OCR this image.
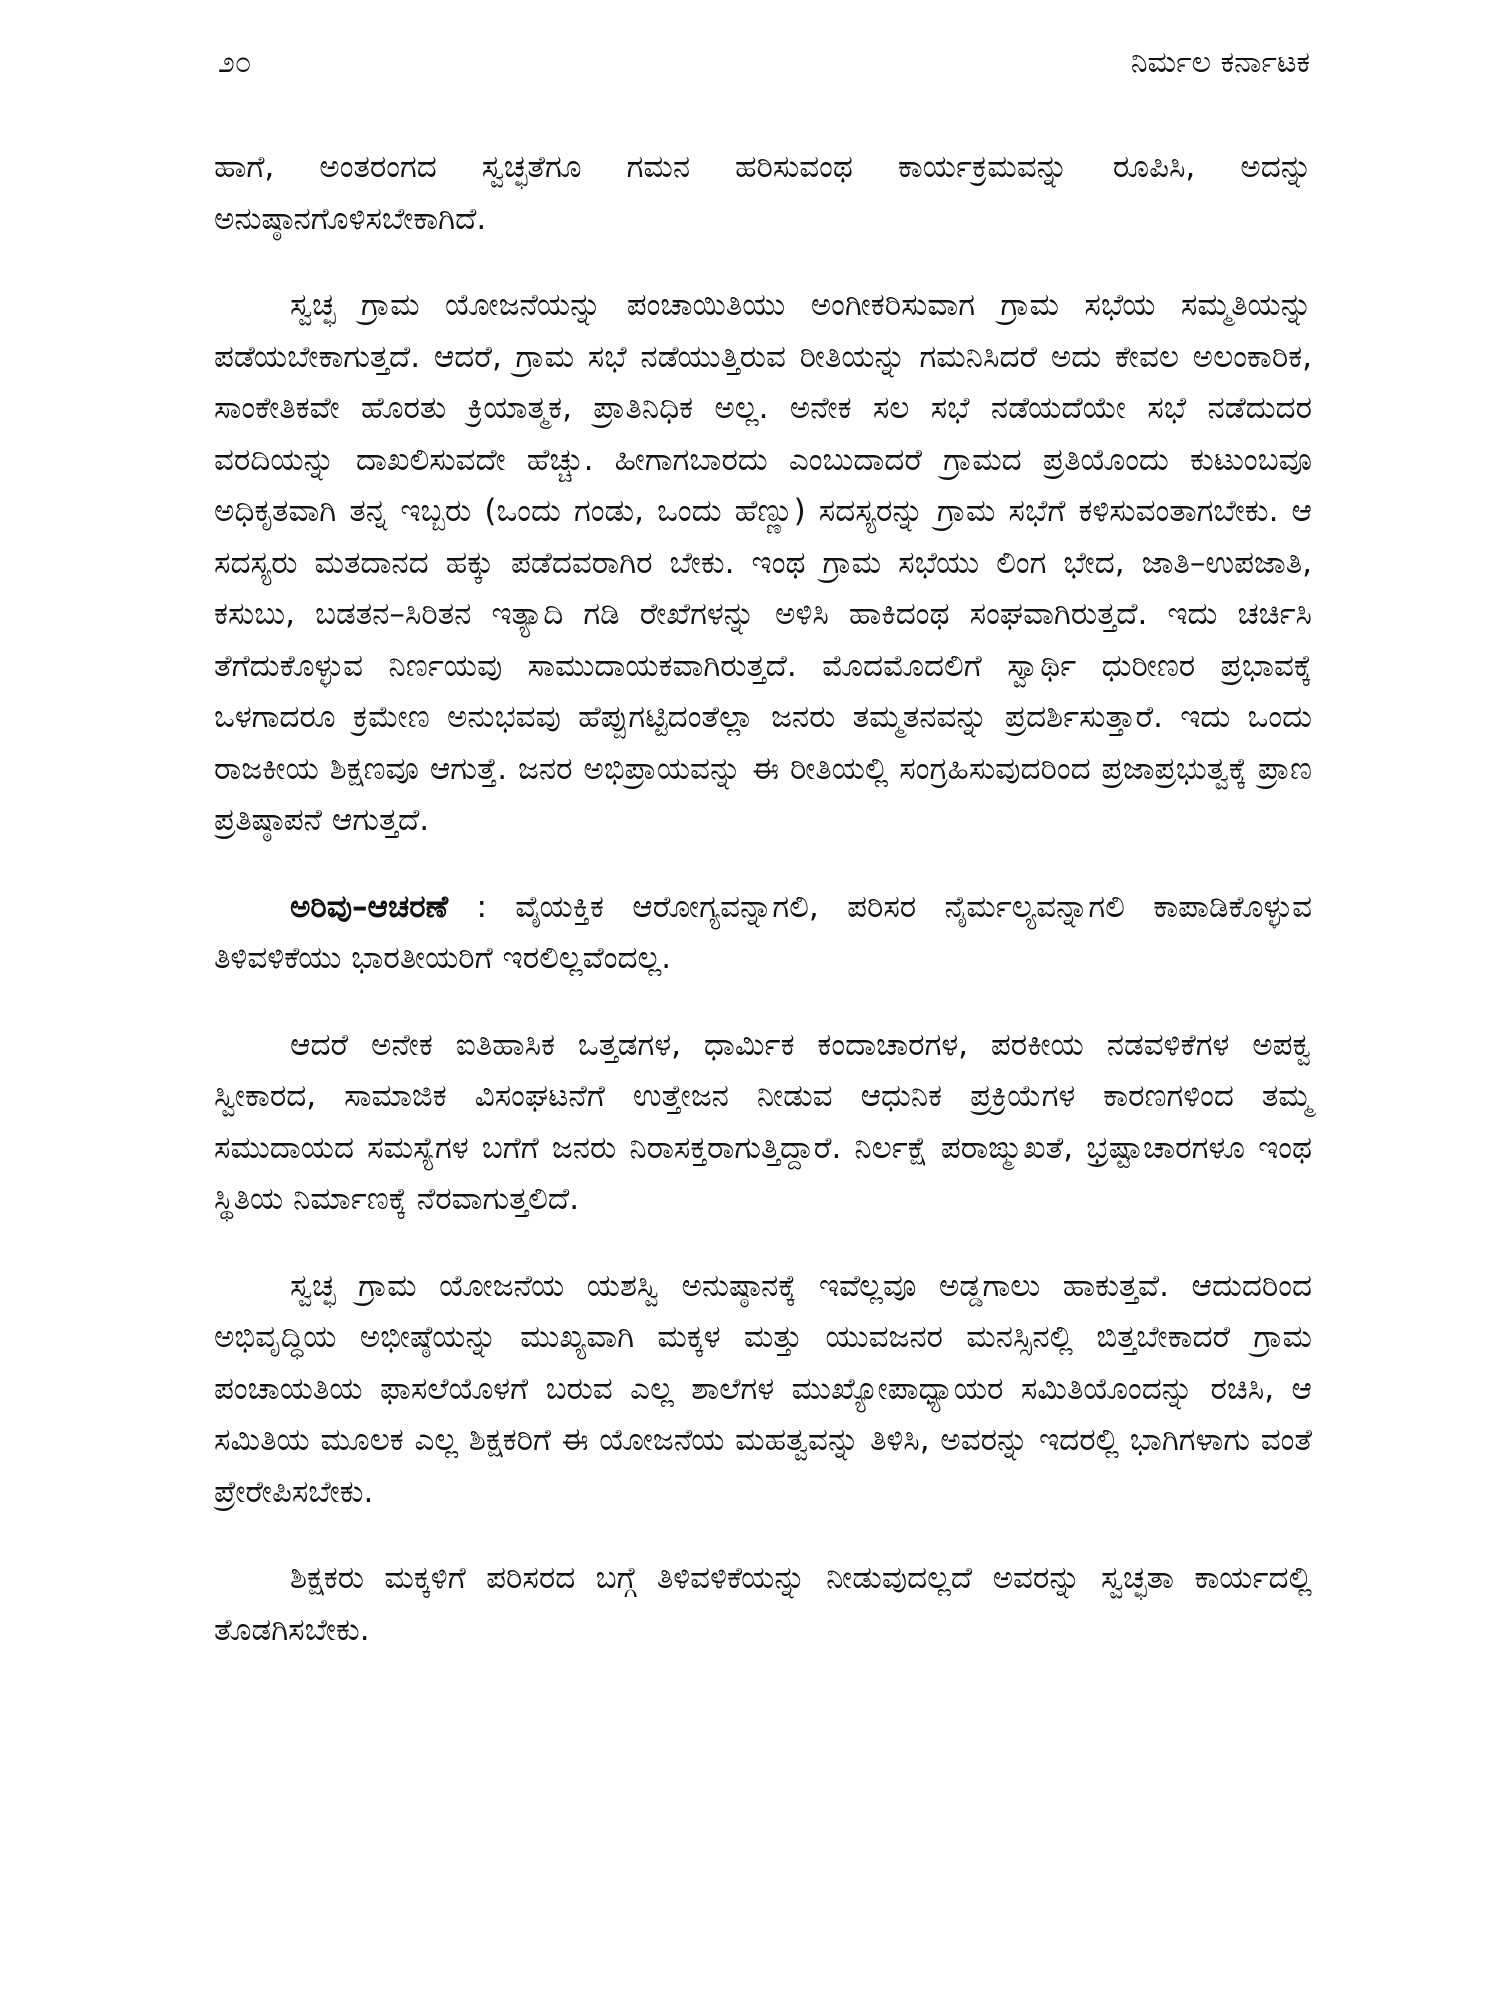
೨೦	ನಿರ್ಮಲ ಕರ್ನಾಟಕ

ಹಾಗೆ, ಅಂತರಂಗದ ಸ್ವಚ್ಛತೆಗೂ ಗಮನ ಹರಿಸುವಂಥ ಕಾರ್ಯಕ್ರಮವನ್ನು ರೂಪಿಸಿ, ಅದನ್ನು ಅನುಷ್ಠಾನಗೊಳಿಸಬೇಕಾಗಿದೆ.

ಸ್ವಚ್ಛ ಗ್ರಾಮ ಯೋಜನೆಯನ್ನು ಪಂಚಾಯಿತಿಯು ಅಂಗೀಕರಿಸುವಾಗ ಗ್ರಾಮ ಸಭೆಯ ಸಮ್ಮತಿಯನ್ನು ಪಡೆಯಬೇಕಾಗುತ್ತದೆ. ಆದರೆ, ಗ್ರಾಮ ಸಭೆ ನಡೆಯುತ್ತಿರುವ ರೀತಿಯನ್ನು ಗಮನಿಸಿದರೆ ಅದು ಕೇವಲ ಅಲಂಕಾರಿಕ, ಸಾಂಕೇತಿಕವೇ ಹೊರತು ಕ್ರಿಯಾತ್ಮಕ, ಪ್ರಾತಿನಿಧಿಕ ಅಲ್ಲ. ಅನೇಕ ಸಲ ಸಭೆ ನಡೆಯದೆಯೇ ಸಭೆ ನಡೆದುದರ ವರದಿಯನ್ನು ದಾಖಲಿಸುವದೇ ಹೆಚ್ಚು. ಹೀಗಾಗಬಾರದು ಎಂಬುದಾದರೆ ಗ್ರಾಮದ ಪ್ರತಿಯೊಂದು ಕುಟುಂಬವೂ ಅಧಿಕೃತವಾಗಿ ತನ್ನ ಇಬ್ಬರು (ಒಂದು ಗಂಡು, ಒಂದು ಹೆಣ್ಣು) ಸದಸ್ಯರನ್ನು ಗ್ರಾಮ ಸಭೆಗೆ ಕಳಿಸುವಂತಾಗಬೇಕು. ಆ ಸದಸ್ಯರು ಮತದಾನದ ಹಕ್ಕು ಪಡೆದವರಾಗಿರ ಬೇಕು. ಇಂಥ ಗ್ರಾಮ ಸಭೆಯು ಲಿಂಗ ಭೇದ, ಜಾತಿ–ಉಪಜಾತಿ, ಕಸುಬು, ಬಡತನ–ಸಿರಿತನ ಇತ್ಯಾದಿ ಗಡಿ ರೇಖೆಗಳನ್ನು ಅಳಿಸಿ ಹಾಕಿದಂಥ ಸಂಘವಾಗಿರುತ್ತದೆ. ಇದು ಚರ್ಚಿಸಿ ತೆಗೆದುಕೊಳ್ಳುವ ನಿರ್ಣಯವು ಸಾಮುದಾಯಕವಾಗಿರುತ್ತದೆ. ಮೊದಮೊದಲಿಗೆ ಸ್ವಾರ್ಥಿ ಧುರೀಣರ ಪ್ರಭಾವಕ್ಕೆ ಒಳಗಾದರೂ ಕ್ರಮೇಣ ಅನುಭವವು ಹೆಪ್ಪುಗಟ್ಟಿದಂತೆಲ್ಲಾ ಜನರು ತಮ್ಮತನವನ್ನು ಪ್ರದರ್ಶಿಸುತ್ತಾರೆ. ಇದು ಒಂದು ರಾಜಕೀಯ ಶಿಕ್ಷಣವೂ ಆಗುತ್ತೆ. ಜನರ ಅಭಿಪ್ರಾಯವನ್ನು ಈ ರೀತಿಯಲ್ಲಿ ಸಂಗ್ರಹಿಸುವುದರಿಂದ ಪ್ರಜಾಪ್ರಭುತ್ವಕ್ಕೆ ಪ್ರಾಣ ಪ್ರತಿಷ್ಠಾಪನೆ ಆಗುತ್ತದೆ.

ಅರಿವು–ಆಚರಣೆ : ವೈಯಕ್ತಿಕ ಆರೋಗ್ಯವನ್ನಾಗಲಿ, ಪರಿಸರ ನೈರ್ಮಲ್ಯವನ್ನಾಗಲಿ ಕಾಪಾಡಿಕೊಳ್ಳುವ ತಿಳಿವಳಿಕೆಯು ಭಾರತೀಯರಿಗೆ ಇರಲಿಲ್ಲವೆಂದಲ್ಲ.

ಆದರೆ ಅನೇಕ ಐತಿಹಾಸಿಕ ಒತ್ತಡಗಳ, ಧಾರ್ಮಿಕ ಕಂದಾಚಾರಗಳ, ಪರಕೀಯ ನಡವಳಿಕೆಗಳ ಅಪಕ್ವ ಸ್ವೀಕಾರದ, ಸಾಮಾಜಿಕ ವಿಸಂಘಟನೆಗೆ ಉತ್ತೇಜನ ನೀಡುವ ಆಧುನಿಕ ಪ್ರಕ್ರಿಯೆಗಳ ಕಾರಣಗಳಿಂದ ತಮ್ಮ ಸಮುದಾಯದ ಸಮಸ್ಯೆಗಳ ಬಗೆಗೆ ಜನರು ನಿರಾಸಕ್ತರಾಗುತ್ತಿದ್ದಾರೆ. ನಿರ್ಲಕ್ಷೆ ಪರಾಙ್ಮುಖತೆ, ಭ್ರಷ್ಟಾಚಾರಗಳೂ ಇಂಥ ಸ್ಥಿತಿಯ ನಿರ್ಮಾಣಕ್ಕೆ ನೆರವಾಗುತ್ತಲಿದೆ.

ಸ್ವಚ್ಛ ಗ್ರಾಮ ಯೋಜನೆಯ ಯಶಸ್ವಿ ಅನುಷ್ಠಾನಕ್ಕೆ ಇವೆಲ್ಲವೂ ಅಡ್ಡಗಾಲು ಹಾಕುತ್ತವೆ. ಆದುದರಿಂದ ಅಭಿವೃದ್ಧಿಯ ಅಭೀಷ್ಠೆಯನ್ನು ಮುಖ್ಯವಾಗಿ ಮಕ್ಕಳ ಮತ್ತು ಯುವಜನರ ಮನಸ್ಸಿನಲ್ಲಿ ಬಿತ್ತಬೇಕಾದರೆ ಗ್ರಾಮ ಪಂಚಾಯತಿಯ ಫಾಸಲೆಯೊಳಗೆ ಬರುವ ಎಲ್ಲ ಶಾಲೆಗಳ ಮುಖ್ಯೋಪಾಧ್ಯಾಯರ ಸಮಿತಿಯೊಂದನ್ನು ರಚಿಸಿ, ಆ ಸಮಿತಿಯ ಮೂಲಕ ಎಲ್ಲ ಶಿಕ್ಷಕರಿಗೆ ಈ ಯೋಜನೆಯ ಮಹತ್ವವನ್ನು ತಿಳಿಸಿ, ಅವರನ್ನು ಇದರಲ್ಲಿ ಭಾಗಿಗಳಾಗು ವಂತೆ ಪ್ರೇರೇಪಿಸಬೇಕು.

ಶಿಕ್ಷಕರು ಮಕ್ಕಳಿಗೆ ಪರಿಸರದ ಬಗ್ಗೆ ತಿಳಿವಳಿಕೆಯನ್ನು ನೀಡುವುದಲ್ಲದೆ ಅವರನ್ನು ಸ್ವಚ್ಛತಾ ಕಾರ್ಯದಲ್ಲಿ ತೊಡಗಿಸಬೇಕು.
